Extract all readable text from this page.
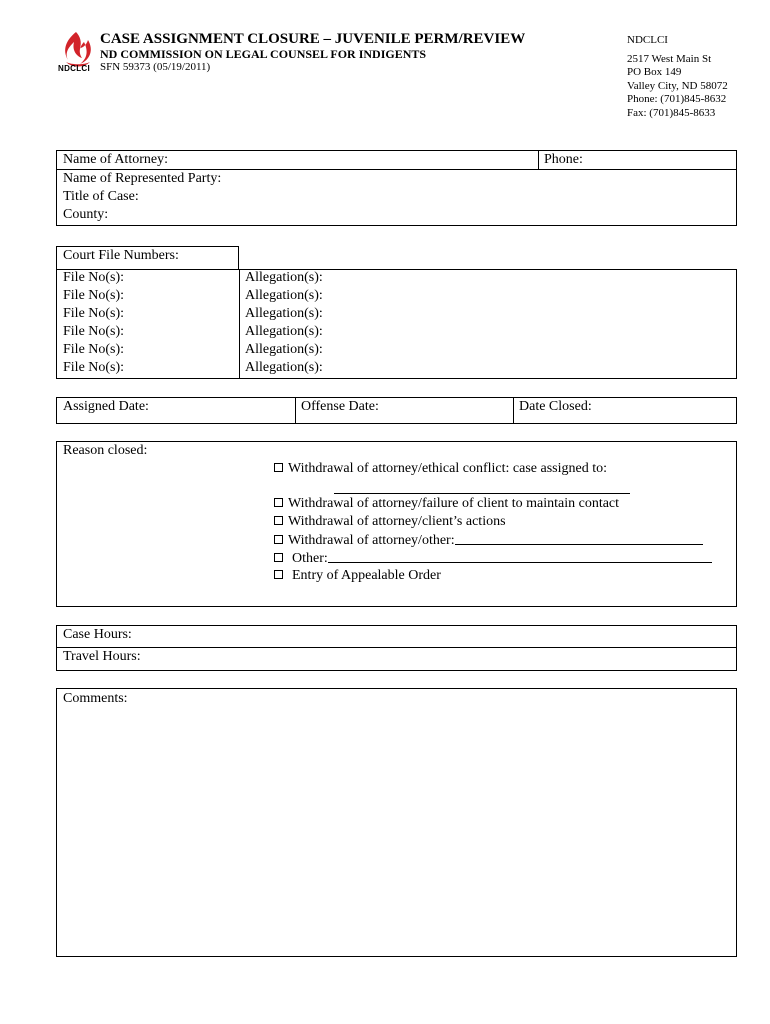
NDCLCI
CASE ASSIGNMENT CLOSURE – JUVENILE PERM/REVIEW
ND COMMISSION ON LEGAL COUNSEL FOR INDIGENTS
SFN 59373 (05/19/2011)
NDCLCI
2517 West Main St
PO Box 149
Valley City, ND 58072
Phone: (701)845-8632
Fax: (701)845-8633
Name of Attorney:	Phone:
Name of Represented Party:
Title of Case:
County:
Court File Numbers:
File No(s):	Allegation(s):
File No(s):	Allegation(s):
File No(s):	Allegation(s):
File No(s):	Allegation(s):
File No(s):	Allegation(s):
File No(s):	Allegation(s):
Assigned Date:	Offense Date:	Date Closed:
Reason closed:
Withdrawal of attorney/ethical conflict: case assigned to:
Withdrawal of attorney/failure of client to maintain contact
Withdrawal of attorney/client’s actions
Withdrawal of attorney/other:
Other:
Entry of Appealable Order
Case Hours:
Travel Hours:
Comments:
